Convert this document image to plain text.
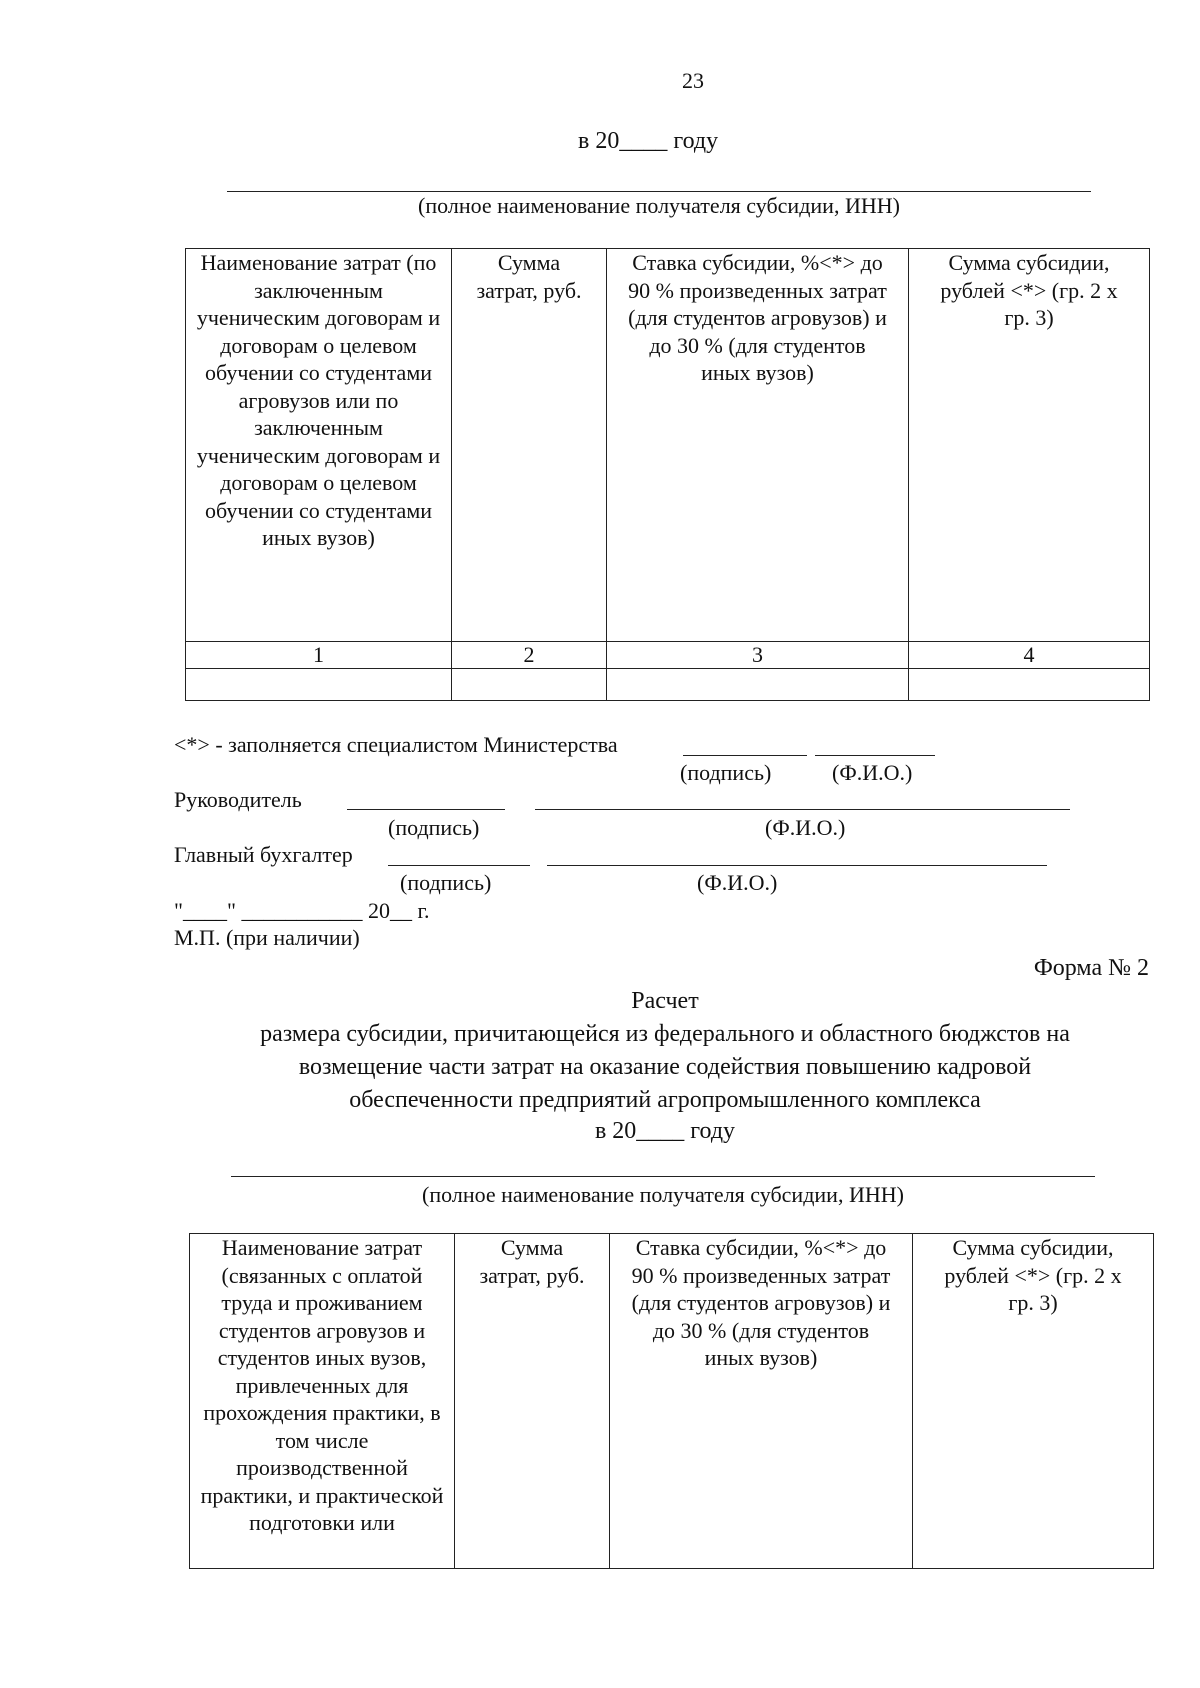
23
в 20____ году
(полное наименование получателя субсидии, ИНН)
Наименование затрат (по заключенным ученическим договорам и договорам о целевом обучении со студентами агровузов или по заключенным ученическим договорам и договорам о целевом обучении со студентами иных вузов)	Сумма затрат, руб.	Ставка субсидии, %<*> до 90 % произведенных затрат (для студентов агровузов) и до 30 % (для студентов иных вузов)	Сумма субсидии, рублей <*> (гр. 2 x гр. 3)
1	2	3	4

<*> - заполняется специалистом Министерства
(подпись)	(Ф.И.О.)
Руководитель
(подпись)	(Ф.И.О.)
Главный бухгалтер
(подпись)	(Ф.И.О.)
"____" ___________ 20__ г.
М.П. (при наличии)
Форма № 2
Расчет
размера субсидии, причитающейся из федерального и областного бюджстов на
возмещение части затрат на оказание содействия повышению кадровой
обеспеченности предприятий агропромышленного комплекса
в 20____ году
(полное наименование получателя субсидии, ИНН)
Наименование затрат (связанных с оплатой труда и проживанием студентов агровузов и студентов иных вузов, привлеченных для прохождения практики, в том числе производственной практики, и практической подготовки или	Сумма затрат, руб.	Ставка субсидии, %<*> до 90 % произведенных затрат (для студентов агровузов) и до 30 % (для студентов иных вузов)	Сумма субсидии, рублей <*> (гр. 2 x гр. 3)
